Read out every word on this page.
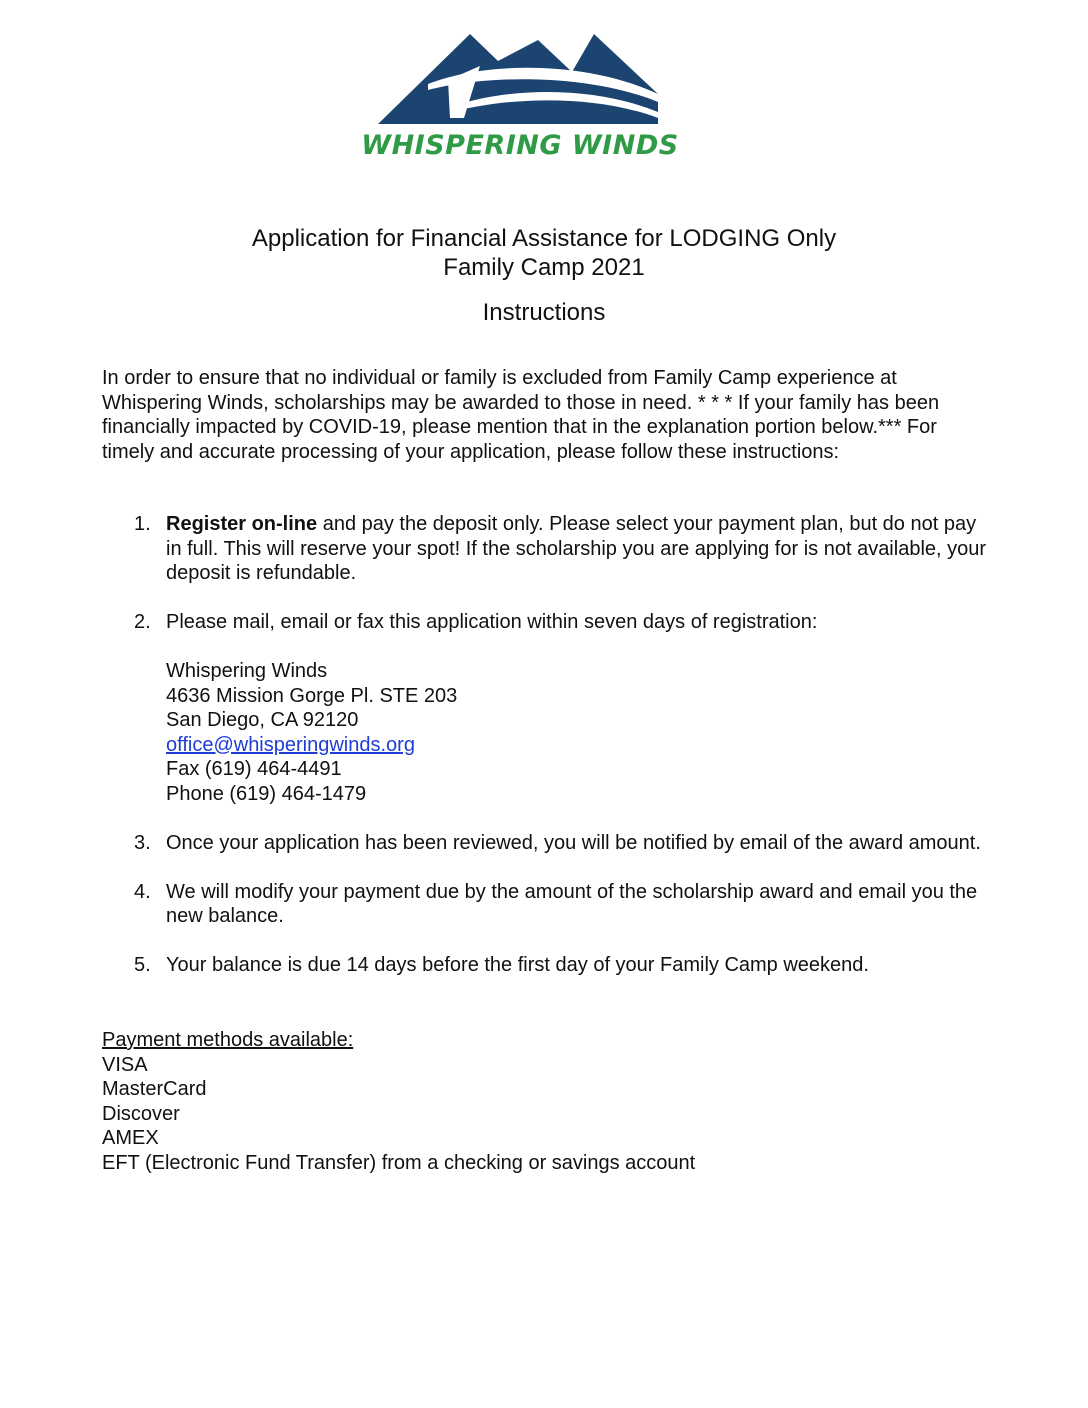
WHISPERING WINDS
Application for Financial Assistance for LODGING Only
Family Camp 2021
Instructions
In order to ensure that no individual or family is excluded from Family Camp experience at Whispering Winds, scholarships may be awarded to those in need. * * * If your family has been financially impacted by COVID-19, please mention that in the explanation portion below.*** For timely and accurate processing of your application, please follow these instructions:
1. Register on-line and pay the deposit only. Please select your payment plan, but do not pay in full. This will reserve your spot! If the scholarship you are applying for is not available, your deposit is refundable.
2. Please mail, email or fax this application within seven days of registration:
Whispering Winds
4636 Mission Gorge Pl. STE 203
San Diego, CA 92120
office@whisperingwinds.org
Fax (619) 464-4491
Phone (619) 464-1479
3. Once your application has been reviewed, you will be notified by email of the award amount.
4. We will modify your payment due by the amount of the scholarship award and email you the new balance.
5. Your balance is due 14 days before the first day of your Family Camp weekend.
Payment methods available:
VISA
MasterCard
Discover
AMEX
EFT (Electronic Fund Transfer) from a checking or savings account
